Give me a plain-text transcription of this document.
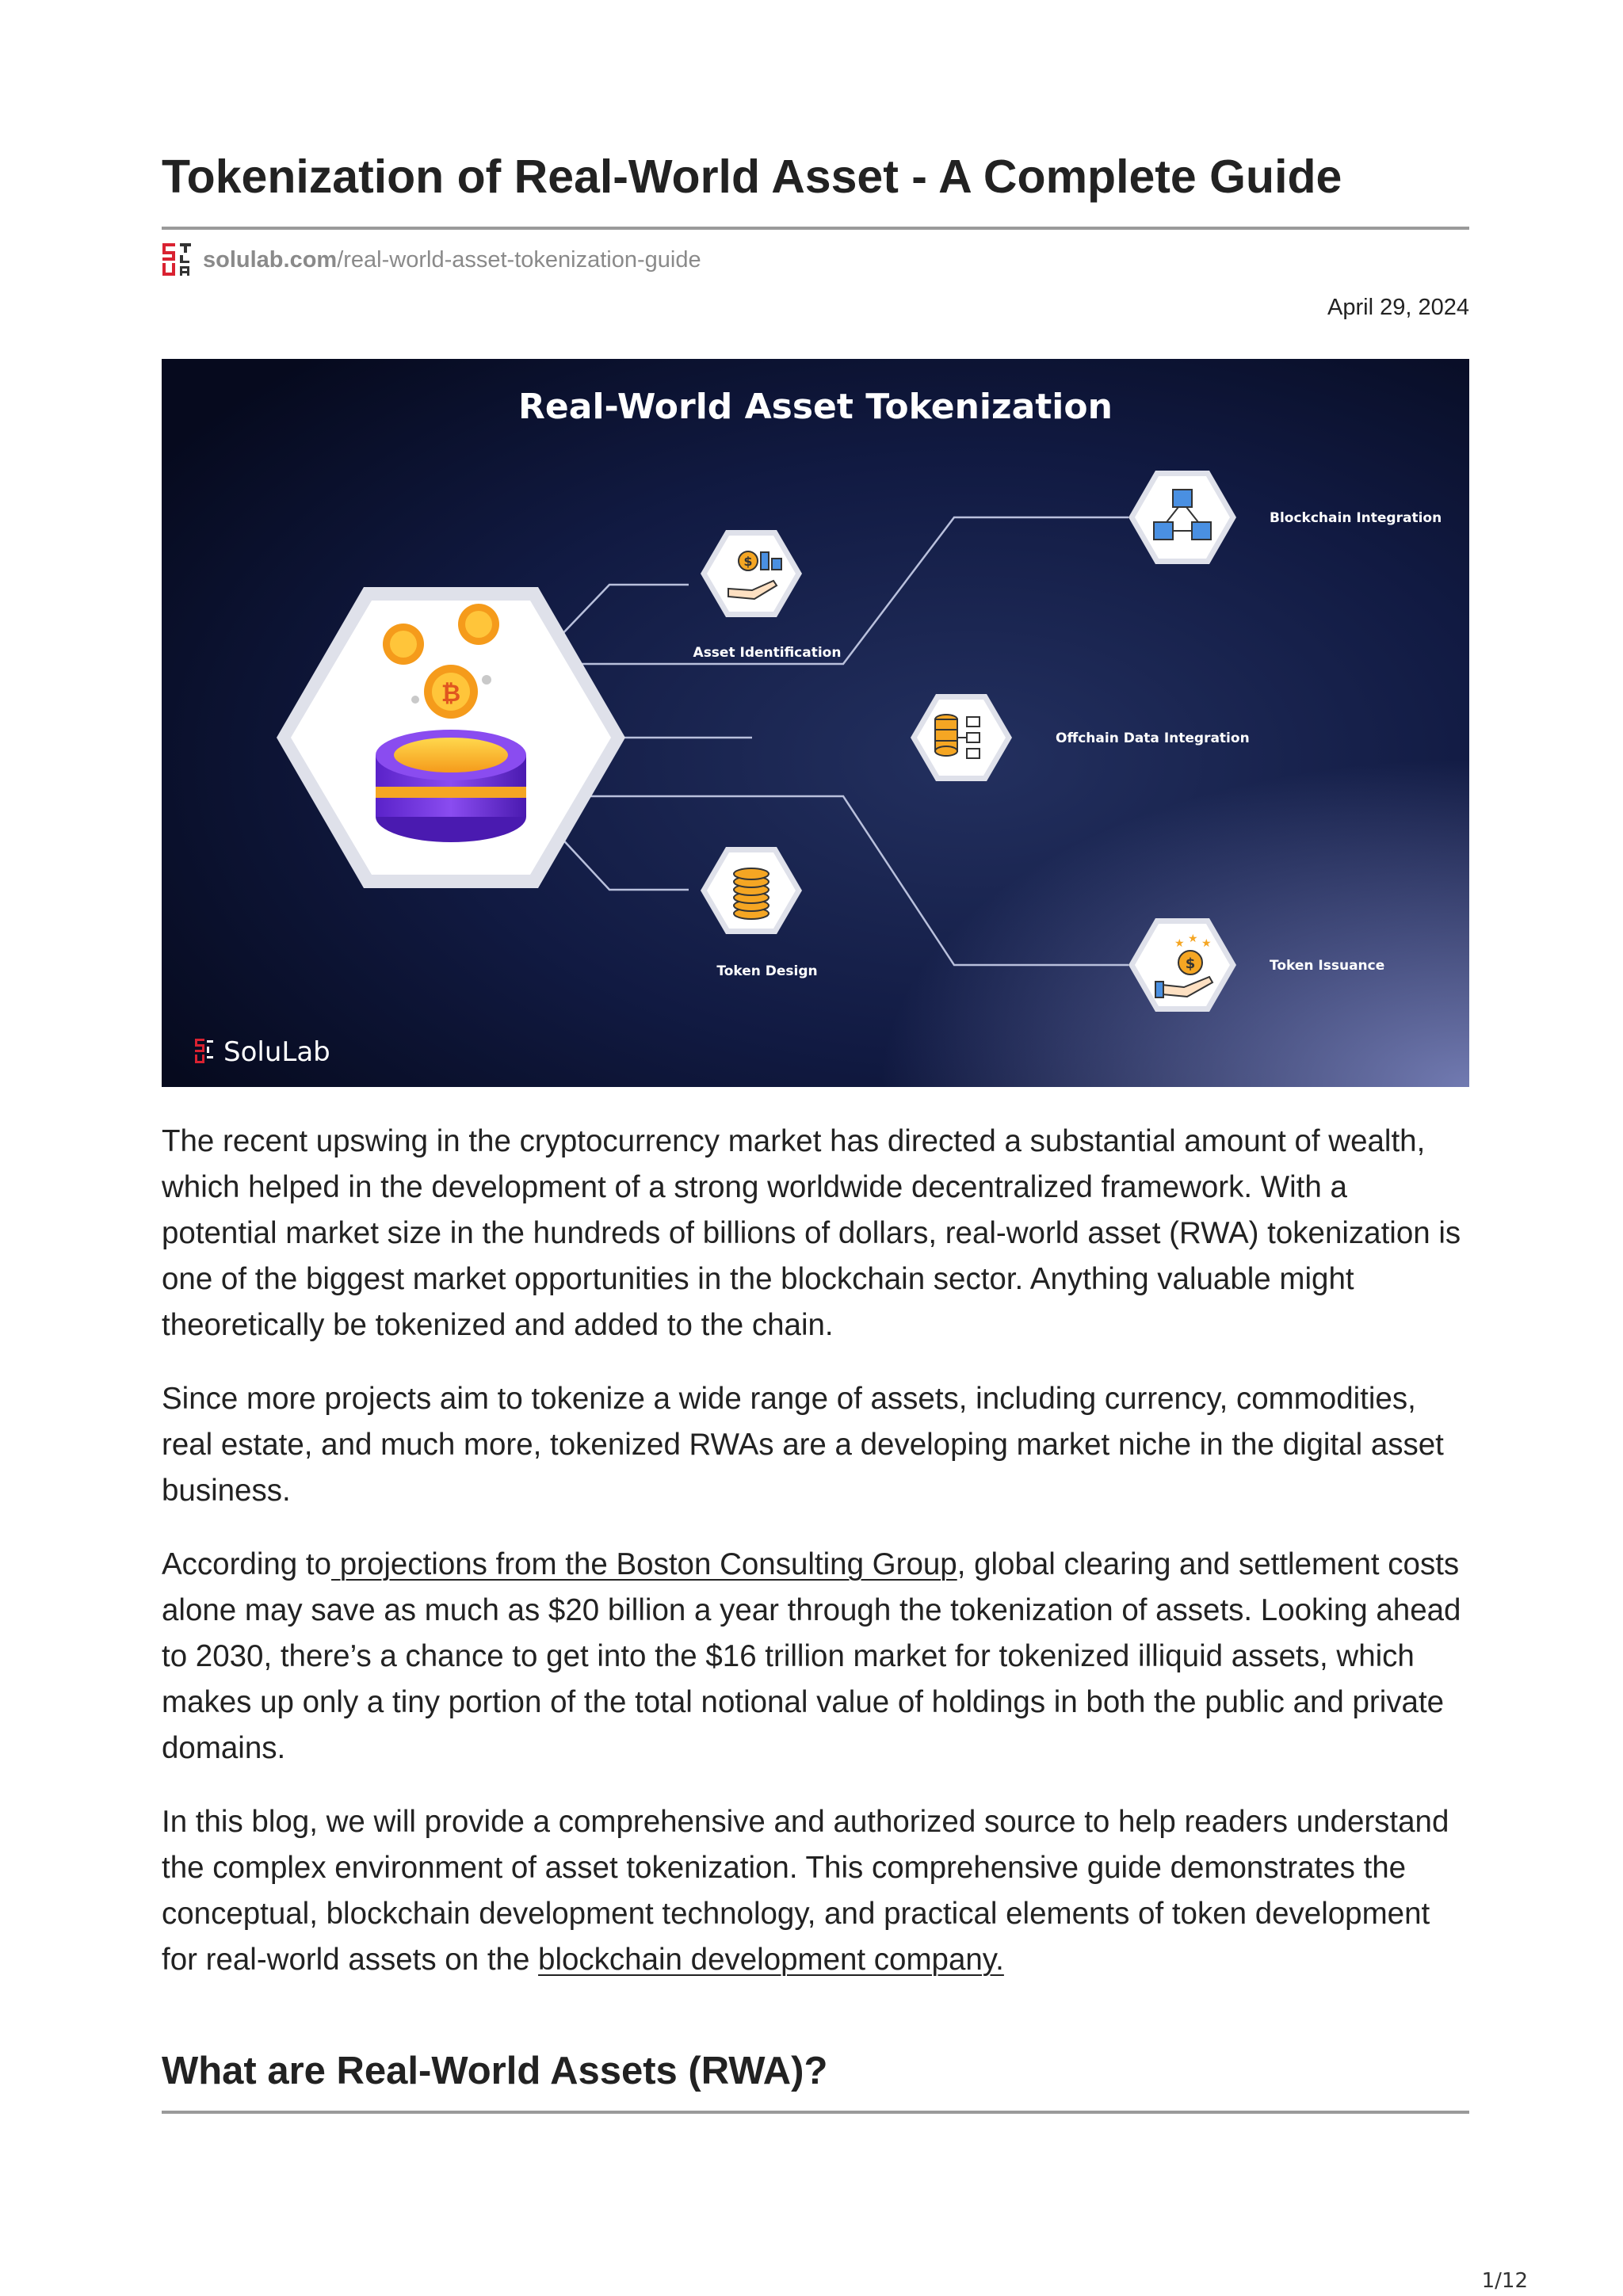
Tokenization of Real-World Asset - A Complete Guide
solulab.com/real-world-asset-tokenization-guide
April 29, 2024
Real-World Asset Tokenization
₿
$
Asset Identification
Blockchain Integration
Offchain Data Integration
Token Design	$
★ ★ ★
Token Issuance
SoluLab

The recent upswing in the cryptocurrency market has directed a substantial amount of wealth, which helped in the development of a strong worldwide decentralized framework. With a potential market size in the hundreds of billions of dollars, real-world asset (RWA) tokenization is one of the biggest market opportunities in the blockchain sector. Anything valuable might theoretically be tokenized and added to the chain.

Since more projects aim to tokenize a wide range of assets, including currency, commodities, real estate, and much more, tokenized RWAs are a developing market niche in the digital asset business.

According to projections from the Boston Consulting Group, global clearing and settlement costs alone may save as much as $20 billion a year through the tokenization of assets. Looking ahead to 2030, there’s a chance to get into the $16 trillion market for tokenized illiquid assets, which makes up only a tiny portion of the total notional value of holdings in both the public and private domains.

In this blog, we will provide a comprehensive and authorized source to help readers understand the complex environment of asset tokenization. This comprehensive guide demonstrates the conceptual, blockchain development technology, and practical elements of token development for real-world assets on the blockchain development company.

What are Real-World Assets (RWA)?
1/12
